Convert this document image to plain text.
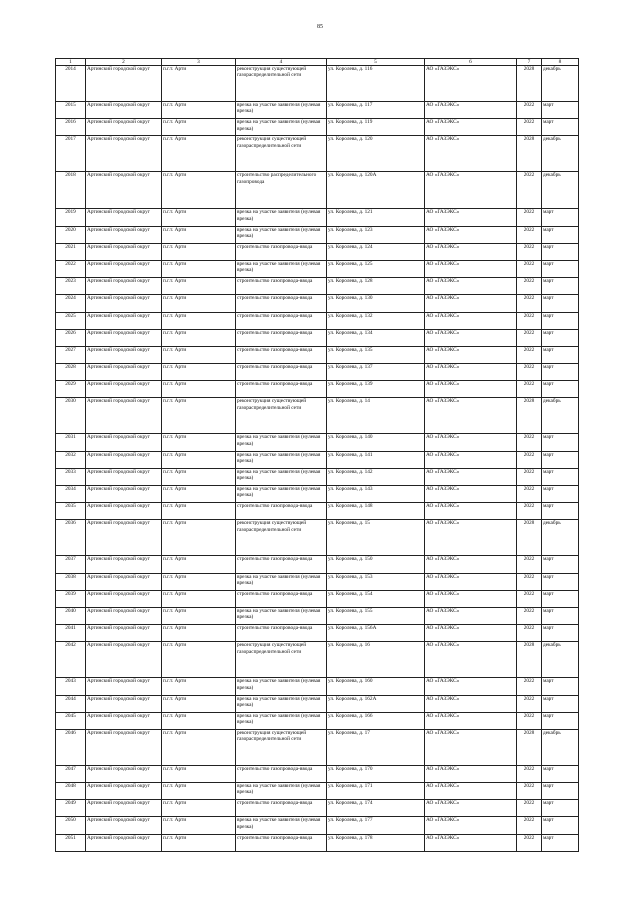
85
1	2	3	4	5	6	7	8
2014	Артинский городской округ	п.г.т. Арти	реконструкция существующей газораспределительной сети	ул. Королева, д. 116	АО «ГАЗЭКС»	2028	декабрь
2015	Артинский городской округ	п.г.т. Арти	врезка на участке заявителя (нулевая врезка)	ул. Королева, д. 117	АО «ГАЗЭКС»	2022	март
2016	Артинский городской округ	п.г.т. Арти	врезка на участке заявителя (нулевая врезка)	ул. Королева, д. 119	АО «ГАЗЭКС»	2022	март
2017	Артинский городской округ	п.г.т. Арти	реконструкция существующей газораспределительной сети	ул. Королева, д. 120	АО «ГАЗЭКС»	2028	декабрь
2018	Артинский городской округ	п.г.т. Арти	строительство распределительного газопровода	ул. Королева, д. 120А	АО «ГАЗЭКС»	2022	декабрь
2019	Артинский городской округ	п.г.т. Арти	врезка на участке заявителя (нулевая врезка)	ул. Королева, д. 121	АО «ГАЗЭКС»	2022	март
2020	Артинский городской округ	п.г.т. Арти	врезка на участке заявителя (нулевая врезка)	ул. Королева, д. 123	АО «ГАЗЭКС»	2022	март
2021	Артинский городской округ	п.г.т. Арти	строительство газопровода-ввода	ул. Королева, д. 124	АО «ГАЗЭКС»	2022	март
2022	Артинский городской округ	п.г.т. Арти	врезка на участке заявителя (нулевая врезка)	ул. Королева, д. 125	АО «ГАЗЭКС»	2022	март
2023	Артинский городской округ	п.г.т. Арти	строительство газопровода-ввода	ул. Королева, д. 128	АО «ГАЗЭКС»	2022	март
2024	Артинский городской округ	п.г.т. Арти	строительство газопровода-ввода	ул. Королева, д. 130	АО «ГАЗЭКС»	2022	март
2025	Артинский городской округ	п.г.т. Арти	строительство газопровода-ввода	ул. Королева, д. 132	АО «ГАЗЭКС»	2022	март
2026	Артинский городской округ	п.г.т. Арти	строительство газопровода-ввода	ул. Королева, д. 134	АО «ГАЗЭКС»	2022	март
2027	Артинский городской округ	п.г.т. Арти	строительство газопровода-ввода	ул. Королева, д. 135	АО «ГАЗЭКС»	2022	март
2028	Артинский городской округ	п.г.т. Арти	строительство газопровода-ввода	ул. Королева, д. 137	АО «ГАЗЭКС»	2022	март
2029	Артинский городской округ	п.г.т. Арти	строительство газопровода-ввода	ул. Королева, д. 139	АО «ГАЗЭКС»	2022	март
2030	Артинский городской округ	п.г.т. Арти	реконструкция существующей газораспределительной сети	ул. Королева, д. 14	АО «ГАЗЭКС»	2028	декабрь
2031	Артинский городской округ	п.г.т. Арти	врезка на участке заявителя (нулевая врезка)	ул. Королева, д. 140	АО «ГАЗЭКС»	2022	март
2032	Артинский городской округ	п.г.т. Арти	врезка на участке заявителя (нулевая врезка)	ул. Королева, д. 141	АО «ГАЗЭКС»	2022	март
2033	Артинский городской округ	п.г.т. Арти	врезка на участке заявителя (нулевая врезка)	ул. Королева, д. 142	АО «ГАЗЭКС»	2022	март
2034	Артинский городской округ	п.г.т. Арти	врезка на участке заявителя (нулевая врезка)	ул. Королева, д. 143	АО «ГАЗЭКС»	2022	март
2035	Артинский городской округ	п.г.т. Арти	строительство газопровода-ввода	ул. Королева, д. 148	АО «ГАЗЭКС»	2022	март
2036	Артинский городской округ	п.г.т. Арти	реконструкция существующей газораспределительной сети	ул. Королева, д. 15	АО «ГАЗЭКС»	2028	декабрь
2037	Артинский городской округ	п.г.т. Арти	строительство газопровода-ввода	ул. Королева, д. 150	АО «ГАЗЭКС»	2022	март
2038	Артинский городской округ	п.г.т. Арти	врезка на участке заявителя (нулевая врезка)	ул. Королева, д. 153	АО «ГАЗЭКС»	2022	март
2039	Артинский городской округ	п.г.т. Арти	строительство газопровода-ввода	ул. Королева, д. 154	АО «ГАЗЭКС»	2022	март
2040	Артинский городской округ	п.г.т. Арти	врезка на участке заявителя (нулевая врезка)	ул. Королева, д. 155	АО «ГАЗЭКС»	2022	март
2041	Артинский городской округ	п.г.т. Арти	строительство газопровода-ввода	ул. Королева, д. 156А	АО «ГАЗЭКС»	2022	март
2042	Артинский городской округ	п.г.т. Арти	реконструкция существующей газораспределительной сети	ул. Королева, д. 16	АО «ГАЗЭКС»	2028	декабрь
2043	Артинский городской округ	п.г.т. Арти	врезка на участке заявителя (нулевая врезка)	ул. Королева, д. 160	АО «ГАЗЭКС»	2022	март
2044	Артинский городской округ	п.г.т. Арти	врезка на участке заявителя (нулевая врезка)	ул. Королева, д. 162А	АО «ГАЗЭКС»	2022	март
2045	Артинский городской округ	п.г.т. Арти	врезка на участке заявителя (нулевая врезка)	ул. Королева, д. 166	АО «ГАЗЭКС»	2022	март
2046	Артинский городской округ	п.г.т. Арти	реконструкция существующей газораспределительной сети	ул. Королева, д. 17	АО «ГАЗЭКС»	2028	декабрь
2047	Артинский городской округ	п.г.т. Арти	строительство газопровода-ввода	ул. Королева, д. 170	АО «ГАЗЭКС»	2022	март
2048	Артинский городской округ	п.г.т. Арти	врезка на участке заявителя (нулевая врезка)	ул. Королева, д. 171	АО «ГАЗЭКС»	2022	март
2049	Артинский городской округ	п.г.т. Арти	строительство газопровода-ввода	ул. Королева, д. 174	АО «ГАЗЭКС»	2022	март
2050	Артинский городской округ	п.г.т. Арти	врезка на участке заявителя (нулевая врезка)	ул. Королева, д. 177	АО «ГАЗЭКС»	2022	март
2051	Артинский городской округ	п.г.т. Арти	строительство газопровода-ввода	ул. Королева, д. 178	АО «ГАЗЭКС»	2022	март
